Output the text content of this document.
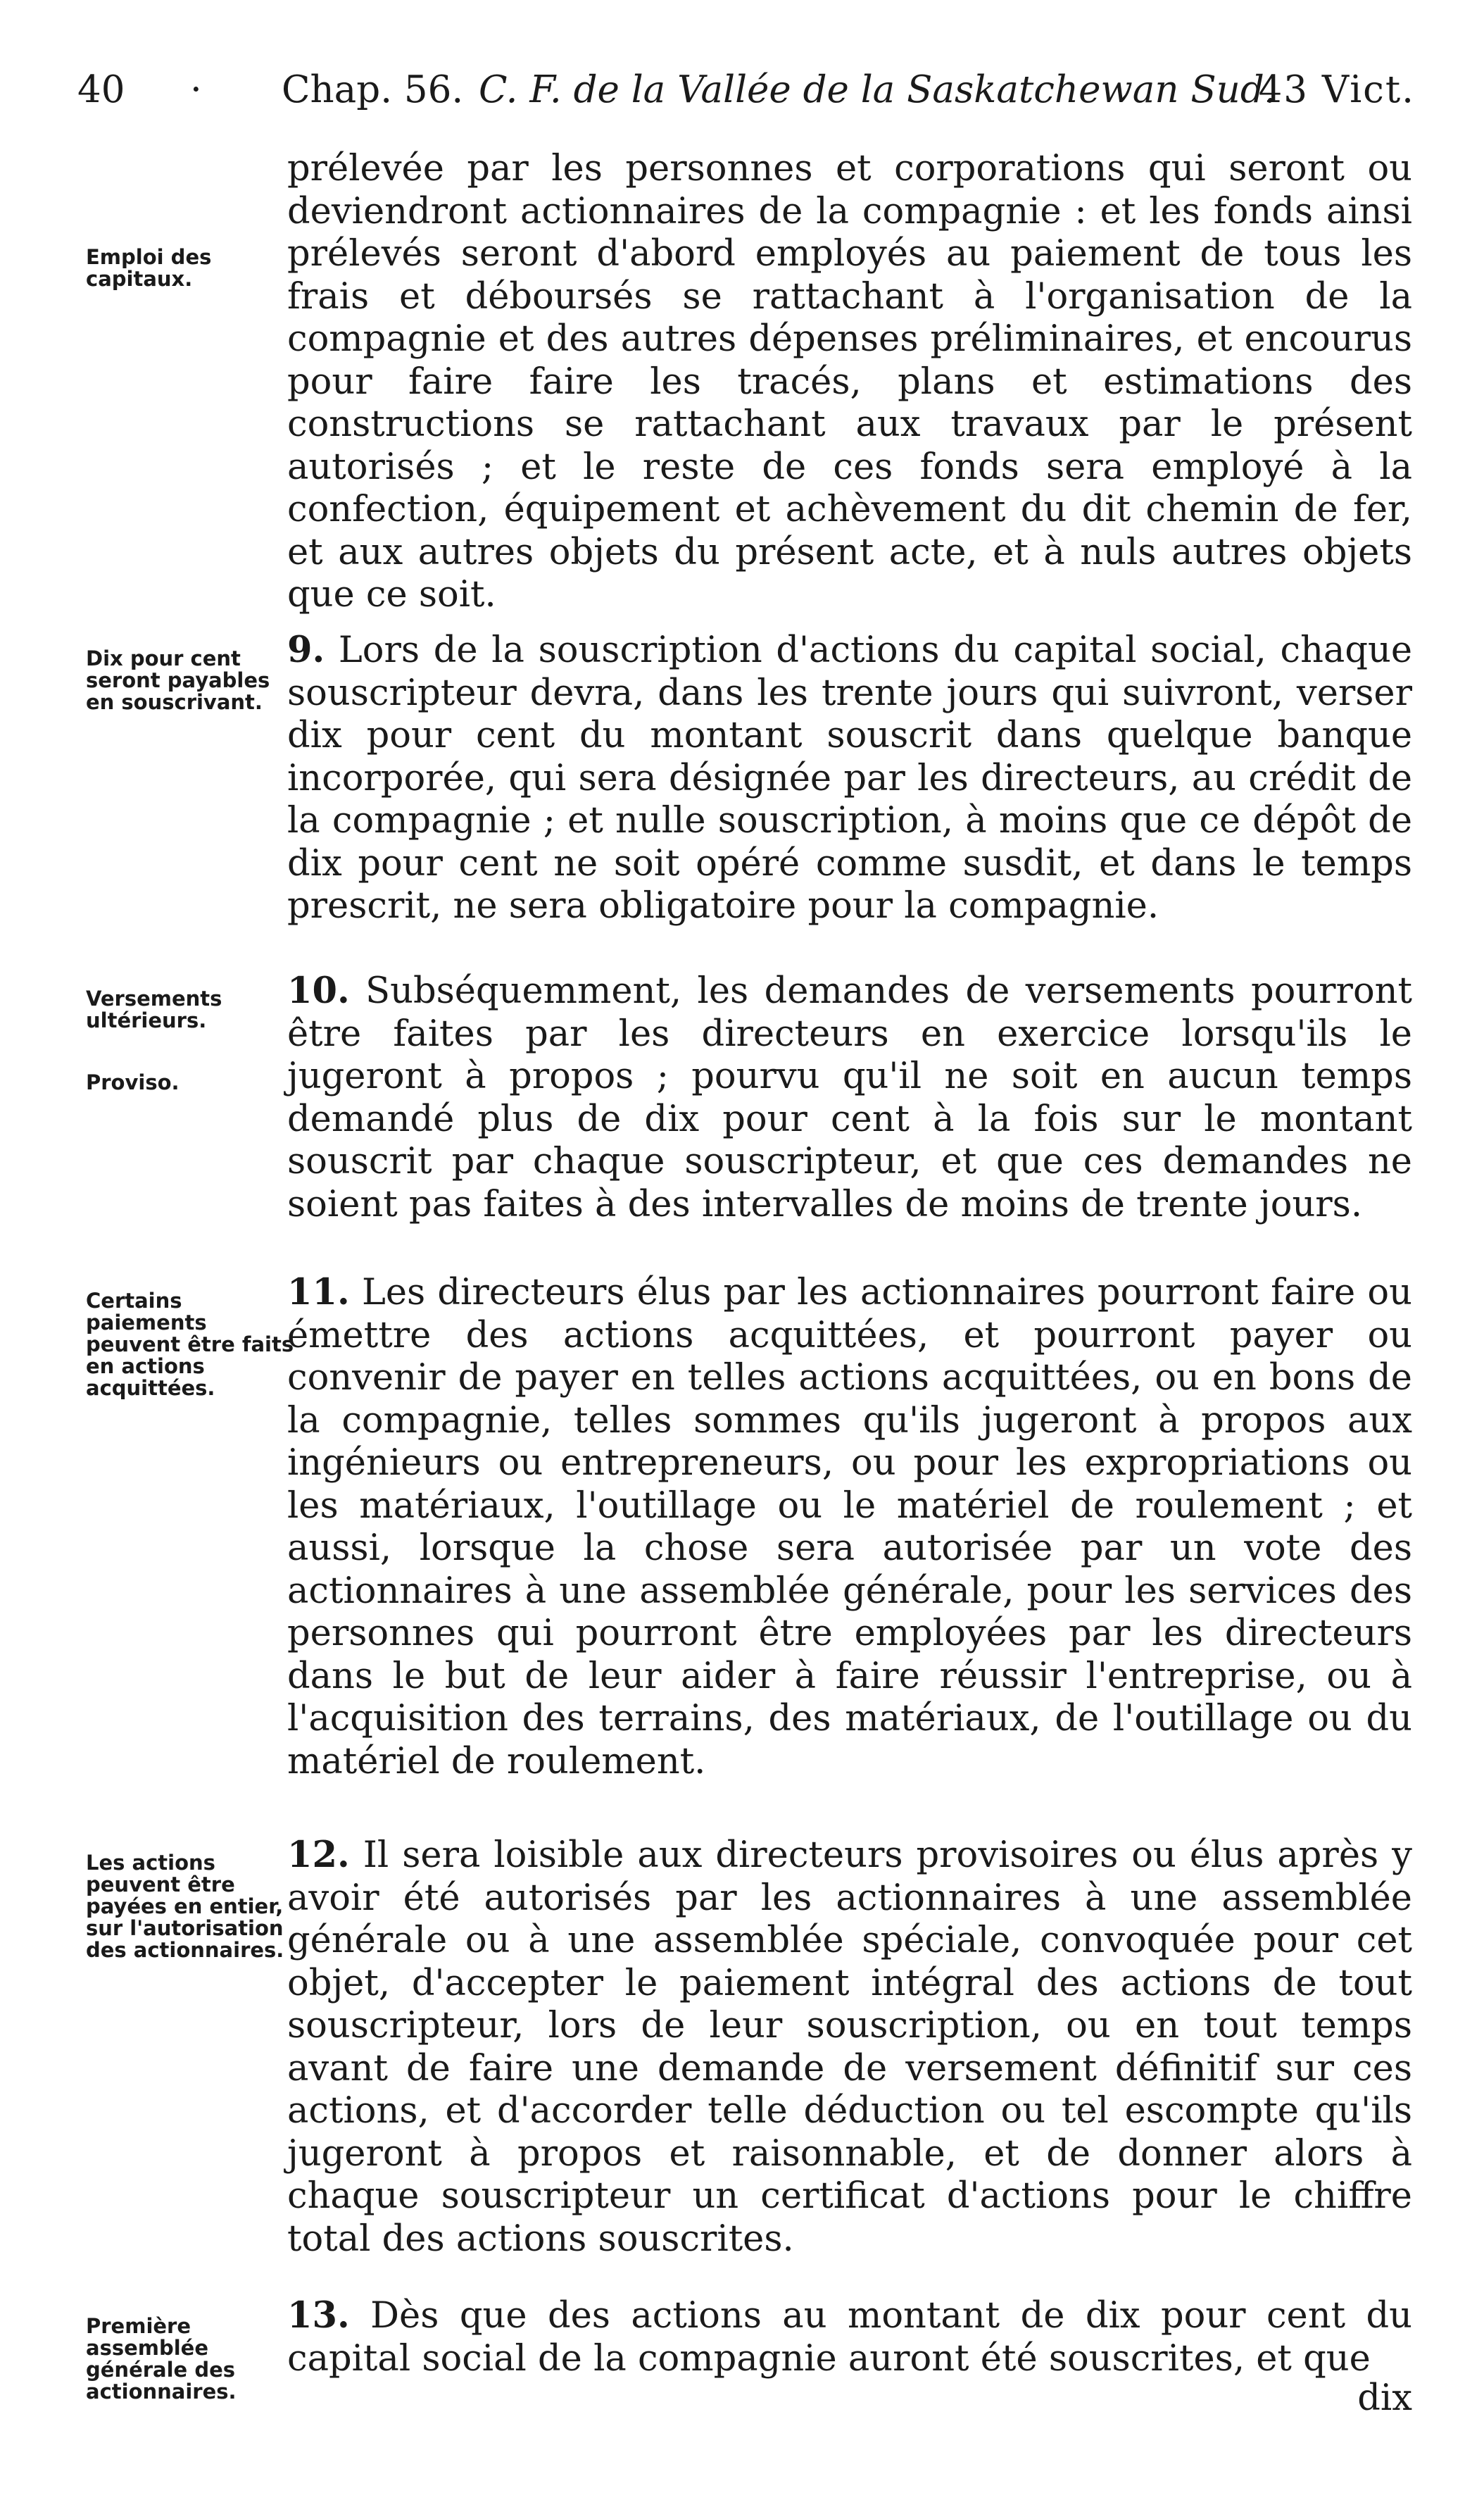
40 · Chap. 56. C. F. de la Vallée de la Saskatchewan Sud.
43 Vict.
Emploi des capitaux.

prélevée par les personnes et corporations qui seront ou deviendront actionnaires de la compagnie : et les fonds ainsi prélevés seront d'abord employés au paiement de tous les frais et déboursés se rattachant à l'organisation de la compagnie et des autres dépenses préliminaires, et encourus pour faire faire les tracés, plans et estimations des constructions se rattachant aux travaux par le présent autorisés ; et le reste de ces fonds sera employé à la confection, équipement et achèvement du dit chemin de fer, et aux autres objets du présent acte, et à nuls autres objets que ce soit.

Dix pour cent seront payables en souscrivant.

9. Lors de la souscription d'actions du capital social, chaque souscripteur devra, dans les trente jours qui suivront, verser dix pour cent du montant souscrit dans quelque banque incorporée, qui sera désignée par les directeurs, au crédit de la compagnie ; et nulle souscription, à moins que ce dépôt de dix pour cent ne soit opéré comme susdit, et dans le temps prescrit, ne sera obligatoire pour la compagnie.

Versements ultérieurs.
Proviso.

10. Subséquemment, les demandes de versements pourront être faites par les directeurs en exercice lorsqu'ils le jugeront à propos ; pourvu qu'il ne soit en aucun temps demandé plus de dix pour cent à la fois sur le montant souscrit par chaque souscripteur, et que ces demandes ne soient pas faites à des intervalles de moins de trente jours.

Certains paiements peuvent être faits en actions acquittées.

11. Les directeurs élus par les actionnaires pourront faire ou émettre des actions acquittées, et pourront payer ou convenir de payer en telles actions acquittées, ou en bons de la compagnie, telles sommes qu'ils jugeront à propos aux ingénieurs ou entrepreneurs, ou pour les expropriations ou les matériaux, l'outillage ou le matériel de roulement ; et aussi, lorsque la chose sera autorisée par un vote des actionnaires à une assemblée générale, pour les services des personnes qui pourront être employées par les directeurs dans le but de leur aider à faire réussir l'entreprise, ou à l'acquisition des terrains, des matériaux, de l'outillage ou du matériel de roulement.

Les actions peuvent être payées en entier, sur l'autorisation des actionnaires.

12. Il sera loisible aux directeurs provisoires ou élus après y avoir été autorisés par les actionnaires à une assemblée générale ou à une assemblée spéciale, convoquée pour cet objet, d'accepter le paiement intégral des actions de tout souscripteur, lors de leur souscription, ou en tout temps avant de faire une demande de versement définitif sur ces actions, et d'accorder telle déduction ou tel escompte qu'ils jugeront à propos et raisonnable, et de donner alors à chaque souscripteur un certificat d'actions pour le chiffre total des actions souscrites.

Première assemblée générale des actionnaires.

13. Dès que des actions au montant de dix pour cent du capital social de la compagnie auront été souscrites, et que

dix
